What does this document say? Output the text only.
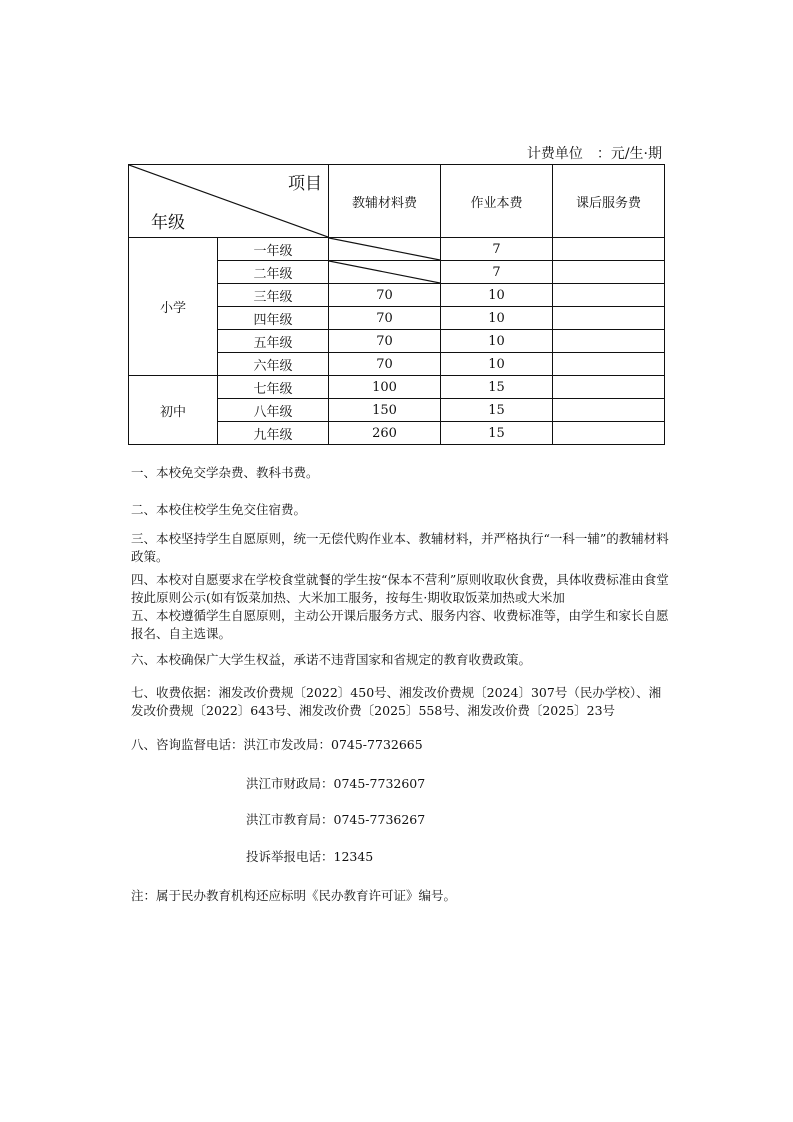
计费单位　：元/生·期
项目
年级		教辅材料费	作业本费	课后服务费
小学	一年级		7	
	二年级		7	
	三年级	70	10	
	四年级	70	10	
	五年级	70	10	
	六年级	70	10	
初中	七年级	100	15	
	八年级	150	15	
	九年级	260	15	
一、本校免交学杂费、教科书费。
二、本校住校学生免交住宿费。
三、本校坚持学生自愿原则，统一无偿代购作业本、教辅材料，并严格执行“一科一辅”的教辅材料政策。
四、本校对自愿要求在学校食堂就餐的学生按“保本不营利”原则收取伙食费，具体收费标准由食堂按此原则公示(如有饭菜加热、大米加工服务，按每生·期收取饭菜加热或大米加
五、本校遵循学生自愿原则，主动公开课后服务方式、服务内容、收费标准等，由学生和家长自愿报名、自主选课。
六、本校确保广大学生权益，承诺不违背国家和省规定的教育收费政策。
七、收费依据：湘发改价费规〔2022〕450号、湘发改价费规〔2024〕307号（民办学校）、湘发改价费规〔2022〕643号、湘发改价费〔2025〕558号、湘发改价费〔2025〕23号
八、咨询监督电话：洪江市发改局：0745-7732665
洪江市财政局：0745-7732607
洪江市教育局：0745-7736267
投诉举报电话：12345
注：属于民办教育机构还应标明《民办教育许可证》编号。
